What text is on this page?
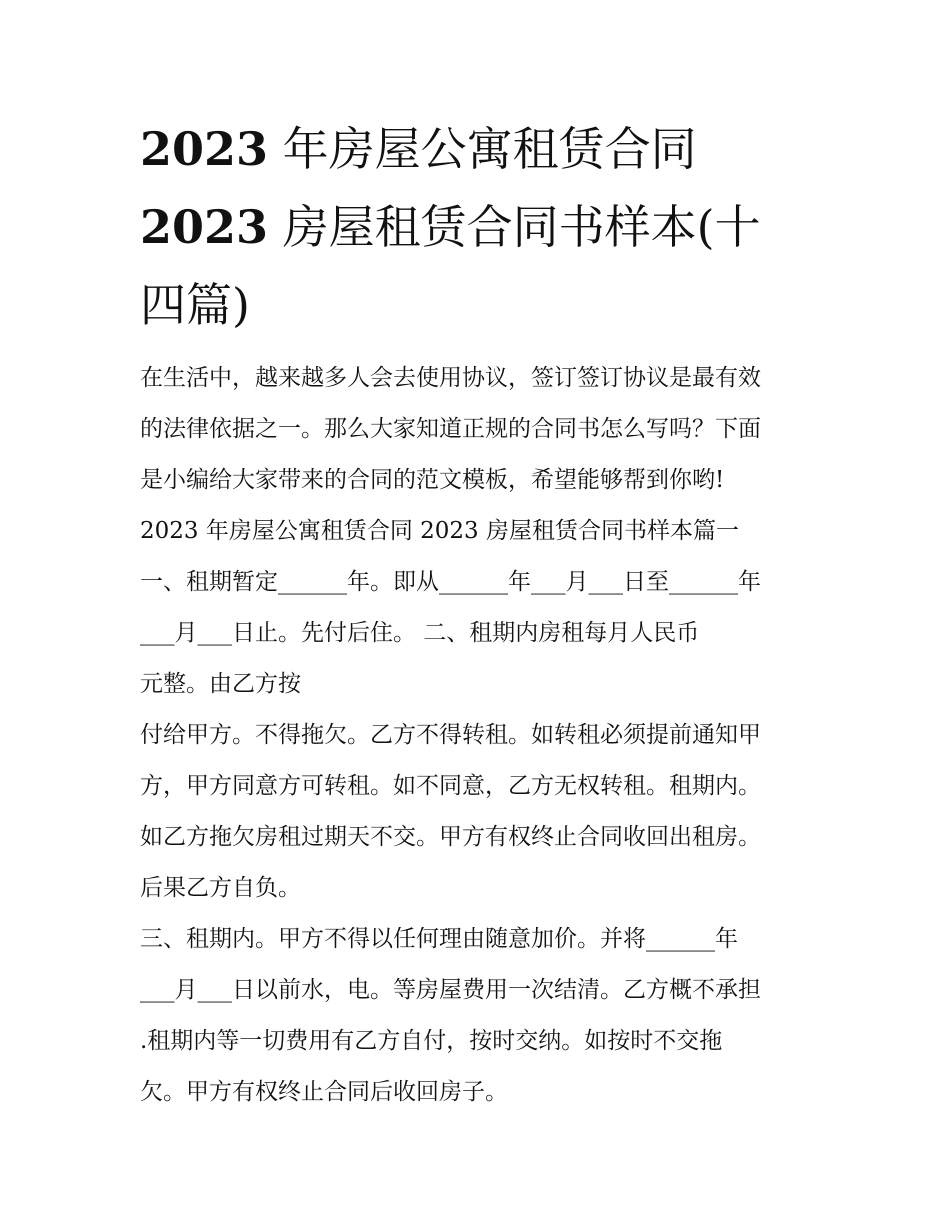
2023 年房屋公寓租赁合同
2023 房屋租赁合同书样本(十
四篇)

在生活中，越来越多人会去使用协议，签订签订协议是最有效

的法律依据之一。那么大家知道正规的合同书怎么写吗？下面

是小编给大家带来的合同的范文模板，希望能够帮到你哟!

2023 年房屋公寓租赁合同 2023 房屋租赁合同书样本篇一

一、租期暂定______年。即从______年___月___日至______年

___月___日止。先付后住。 二、租期内房租每月人民币

元整。由乙方按

付给甲方。不得拖欠。乙方不得转租。如转租必须提前通知甲

方，甲方同意方可转租。如不同意，乙方无权转租。租期内。

如乙方拖欠房租过期天不交。甲方有权终止合同收回出租房。

后果乙方自负。

三、租期内。甲方不得以任何理由随意加价。并将______年

___月___日以前水，电。等房屋费用一次结清。乙方概不承担

.租期内等一切费用有乙方自付，按时交纳。如按时不交拖

欠。甲方有权终止合同后收回房子。
